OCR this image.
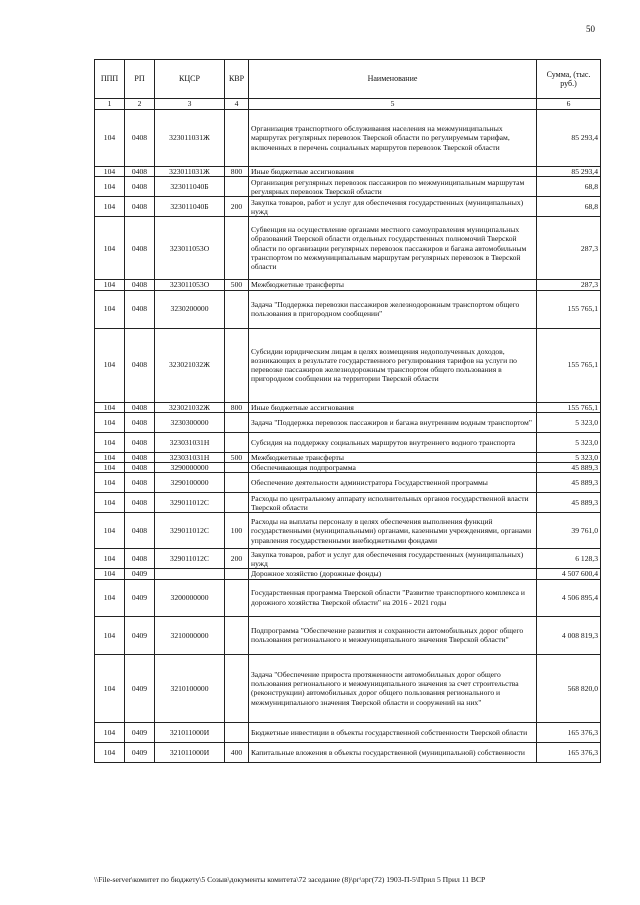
50
ППП	РП	КЦСР	КВР	Наименование	Сумма, (тыс. руб.)
1	2	3	4	5	6
104	0408	323011031Ж		Организация транспортного обслуживания населения на межмуниципальных маршрутах регулярных перевозок Тверской области по регулируемым тарифам, включенных в перечень социальных маршрутов перевозок Тверской области	85 293,4
104	0408	323011031Ж	800	Иные бюджетные ассигнования	85 293,4
104	0408	323011040Б		Организация регулярных перевозок пассажиров по межмуниципальным маршрутам регулярных перевозок Тверской области	68,8
104	0408	323011040Б	200	Закупка товаров, работ и услуг для обеспечения государственных (муниципальных) нужд	68,8
104	0408	323011053О		Субвенция на осуществление органами местного самоуправления муниципальных образований Тверской области отдельных государственных полномочий Тверской области по организации регулярных перевозок пассажиров и багажа автомобильным транспортом по межмуниципальным маршрутам регулярных перевозок в Тверской области	287,3
104	0408	323011053О	500	Межбюджетные трансферты	287,3
104	0408	3230200000		Задача "Поддержка перевозки пассажиров железнодорожным транспортом общего пользования в пригородном сообщении"	155 765,1
104	0408	323021032Ж		Субсидии юридическим лицам в целях возмещения недополученных доходов, возникающих в результате государственного регулирования тарифов на услуги по перевозке пассажиров железнодорожным транспортом общего пользования в пригородном сообщении на территории Тверской области	155 765,1
104	0408	323021032Ж	800	Иные бюджетные ассигнования	155 765,1
104	0408	3230300000		Задача "Поддержка перевозок пассажиров и багажа внутренним водным транспортом"	5 323,0
104	0408	323031031Н		Субсидия на поддержку социальных маршрутов внутреннего водного транспорта	5 323,0
104	0408	323031031Н	500	Межбюджетные трансферты	5 323,0
104	0408	3290000000		Обеспечивающая подпрограмма	45 889,3
104	0408	3290100000		Обеспечение деятельности администратора Государственной программы	45 889,3
104	0408	329011012С		Расходы по центральному аппарату исполнительных органов государственной власти Тверской области	45 889,3
104	0408	329011012С	100	Расходы на выплаты персоналу в целях обеспечения выполнения функций государственными (муниципальными) органами, казенными учреждениями, органами управления государственными внебюджетными фондами	39 761,0
104	0408	329011012С	200	Закупка товаров, работ и услуг для обеспечения государственных (муниципальных) нужд	6 128,3
104	0409			Дорожное хозяйство (дорожные фонды)	4 507 600,4
104	0409	3200000000		Государственная программа Тверской области "Развитие транспортного комплекса и дорожного хозяйства Тверской области" на 2016 - 2021 годы	4 506 895,4
104	0409	3210000000		Подпрограмма "Обеспечение развития и сохранности автомобильных дорог общего пользования регионального и межмуниципального значения Тверской области"	4 008 819,3
104	0409	3210100000		Задача "Обеспечение прироста протяженности автомобильных дорог общего пользования регионального и межмуниципального значения за счет строительства (реконструкции) автомобильных дорог общего пользования регионального и межмуниципального значения Тверской области и сооружений на них"	568 820,0
104	0409	321011000И		Бюджетные инвестиции в объекты государственной собственности Тверской области	165 376,3
104	0409	321011000И	400	Капитальные вложения в объекты государственной (муниципальной) собственности	165 376,3
\\File-server\комитет по бюджету\5 Созыв\документы комитета\72 заседание (8)\рг\зрг(72) 1903-П-5\Прил 5 Прил 11 ВСР
